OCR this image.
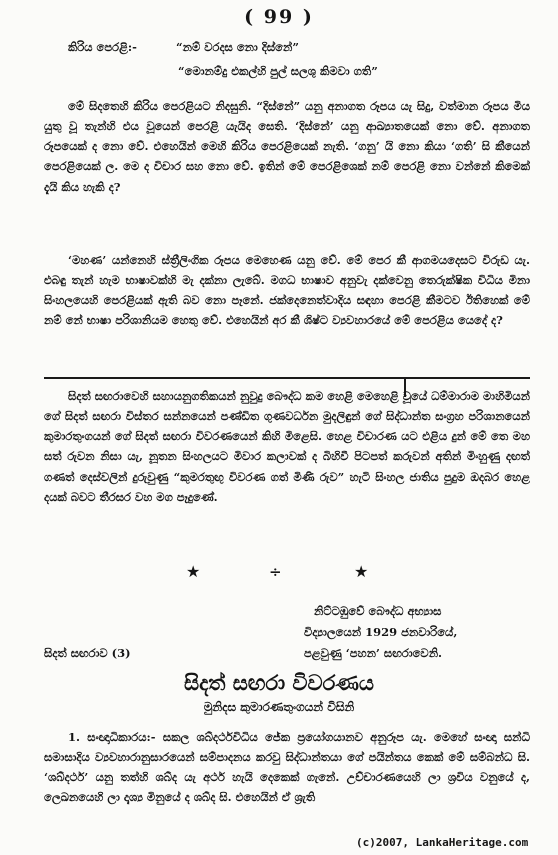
( 99 )
කිරිය පෙරළි:-	“නම් වරදස නො දිස්නේ”
“මොනම්දු එකල්හි පුල් සලශු කිමවා ගති”
මේ සිදතෙහි කිරිය පෙරළියට නිදසුනි. “දිස්නේ” යනු අනාගත රූපය යැ සිදු, වත්මාන රූපය මිය යුතු වූ තැන්හි එය වූයෙන් පෙරළි යැයිද සෙති. ‘දිස්නේ’ යනු ආඛ්‍යාතයෙක් නො වේ. අනාගත රූපයෙක් ද නො වේ. එහෙයින් මෙහි කිරිය පෙරළියෙක් නැති. ‘ගනු’ යි නො කියා ‘ගති’ සි කීයෙන් පෙරළියෙක් ල. මෙ ද විචාර සහ නො වේ. ඉතින් මේ පෙරළිශෙක් නම් පෙරළි නො වන්නේ කිමෙක් දැයි කිය හැකි ද?
‘මහණ’ යන්නෙහි ස්ත්‍රීලිංගික රූපය මෙහෙණ යනු වේ. මේ පෙර කී ආගමයදෙසට විරුඩ යැ. එබඳු තැන් හැම භාෂාවක්හි මැ දක්නා ලැබේ. මගධ භාෂාව අනුවැ දක්වෙනු තෙරුක්ෂික විධිය මිනා සිංහලයෙහි පෙරළියක් ඇති බව නො පෑනේ. ජක්දෙනෙත්වාදිය සඳහා පෙරළි කීමටව ඊතිහෙක් මේ නම් නේ භාෂා පරිශානියම හෙතු වේ. එහෙයින් අර කී ශිෂ්ට ව්‍යවහාරයේ මේ පෙරළිය යෙදේ ද?
සිදත් සඟරාවෙහි සහායනුගතිකයන් නුවුදු බෞද්ධ කම හෙළි මෙහෙළි වූයේ ධම්මාරාම මාහිමියන් ගේ සිදත් සඟරා විස්තර සන්නයෙන් පණ්ඩිත ගුණවර්ධන මුදලිඳුන් ගේ සිද්ධාන්ත සංග්‍රහ පරිශානයෙන් කුමාරතුංගයන් ගේ සිදත් සඟරා විවරණයෙන් කිහි මිළෙසි. හෙළ විචාරණ යට එළිය දුන් මේ තෙ මහ සත් රුවන නිසා යැ, නූතන සිංහලයට මිවාර කලාවක් ද බිහිවී පිටපත් කරුවන් අතින් මිංහුණු දඟත් ගණත් දෙස්වලින් දුරුවුණු “කුමරතුඟු විවරණ ගත් මිණි රුව” හැටි සිංහල ජාතිය පුදුම ඔදබර හෙළ දයක් බවට තීරසර වහ මග පෑදුණේ.
★	÷	★
නිට්ටඹුවේ බෞද්ධ අභ්‍යාස
විද්‍යාලයෙන් 1929 ජනවාරියේ,
පළවුණු ‘පහන’ සඟරාවෙනි.
සිදත් සඟරාව (3)
සිදත් සඟරා විවරණය
මුනිදස කුමාරණතුංගයන් විසිනි
1. සංඥාධිකාරය:- සකල ශබ්දර්ථවිධිය ජේක ප්‍රයෝගයානව අනුරූප යැ. මෙහේ සංඥා සන්ධි සමාසාදිය ව්‍යවහාරානුසාරයෙන් සම්පාදනය කරවු සිද්ධාන්තයා ගේ පයින්තය කෙක් මේ සම්බන්ධ සි. ‘ශබ්දර්ථ’ යනු තත්හි ශබ්ද යැ අර්ථ හැයි දෙකෙක් ගැනේ. උච්චාරණයෙහි ලා ශ්‍රවිය වනුයේ ද, ලෙඛනයෙහි ලා දෘශ්‍ය මිනුයේ ද ශබ්ද සි. එහෙයින් ඒ ශ්‍රැති
(c)2007, LankaHeritage.com
